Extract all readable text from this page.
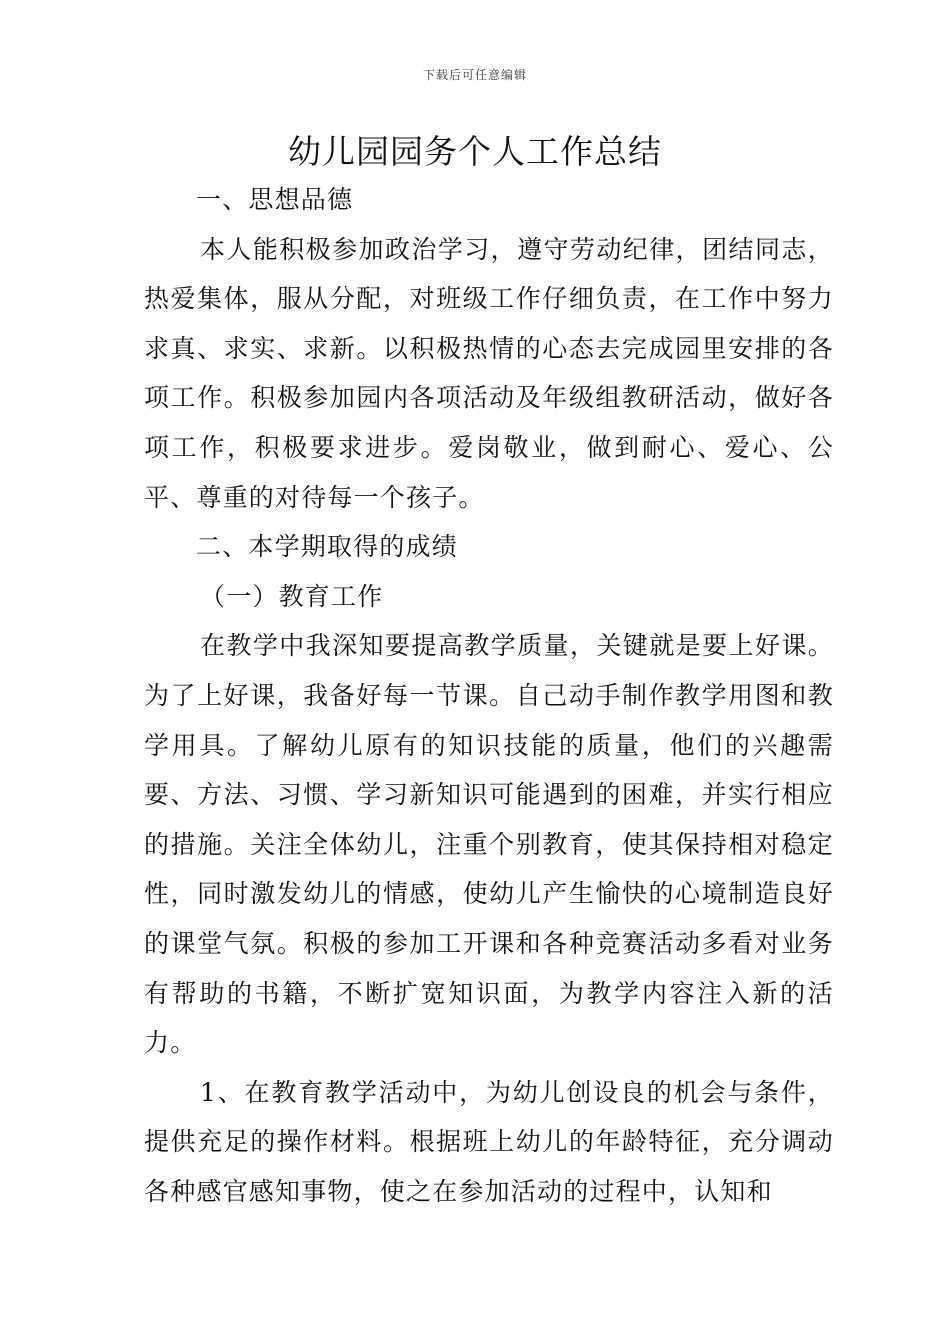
下载后可任意编辑
幼儿园园务个人工作总结

一、思想品德

本人能积极参加政治学习，遵守劳动纪律，团结同志，热爱集体，服从分配，对班级工作仔细负责，在工作中努力求真、求实、求新。以积极热情的心态去完成园里安排的各项工作。积极参加园内各项活动及年级组教研活动，做好各项工作，积极要求进步。爱岗敬业，做到耐心、爱心、公平、尊重的对待每一个孩子。

二、本学期取得的成绩

（一）教育工作

在教学中我深知要提高教学质量，关键就是要上好课。为了上好课，我备好每一节课。自己动手制作教学用图和教学用具。了解幼儿原有的知识技能的质量，他们的兴趣需要、方法、习惯、学习新知识可能遇到的困难，并实行相应的措施。关注全体幼儿，注重个别教育，使其保持相对稳定性，同时激发幼儿的情感，使幼儿产生愉快的心境制造良好的课堂气氛。积极的参加工开课和各种竞赛活动多看对业务有帮助的书籍，不断扩宽知识面，为教学内容注入新的活力。

1、在教育教学活动中，为幼儿创设良的机会与条件，提供充足的操作材料。根据班上幼儿的年龄特征，充分调动各种感官感知事物，使之在参加活动的过程中，认知和
